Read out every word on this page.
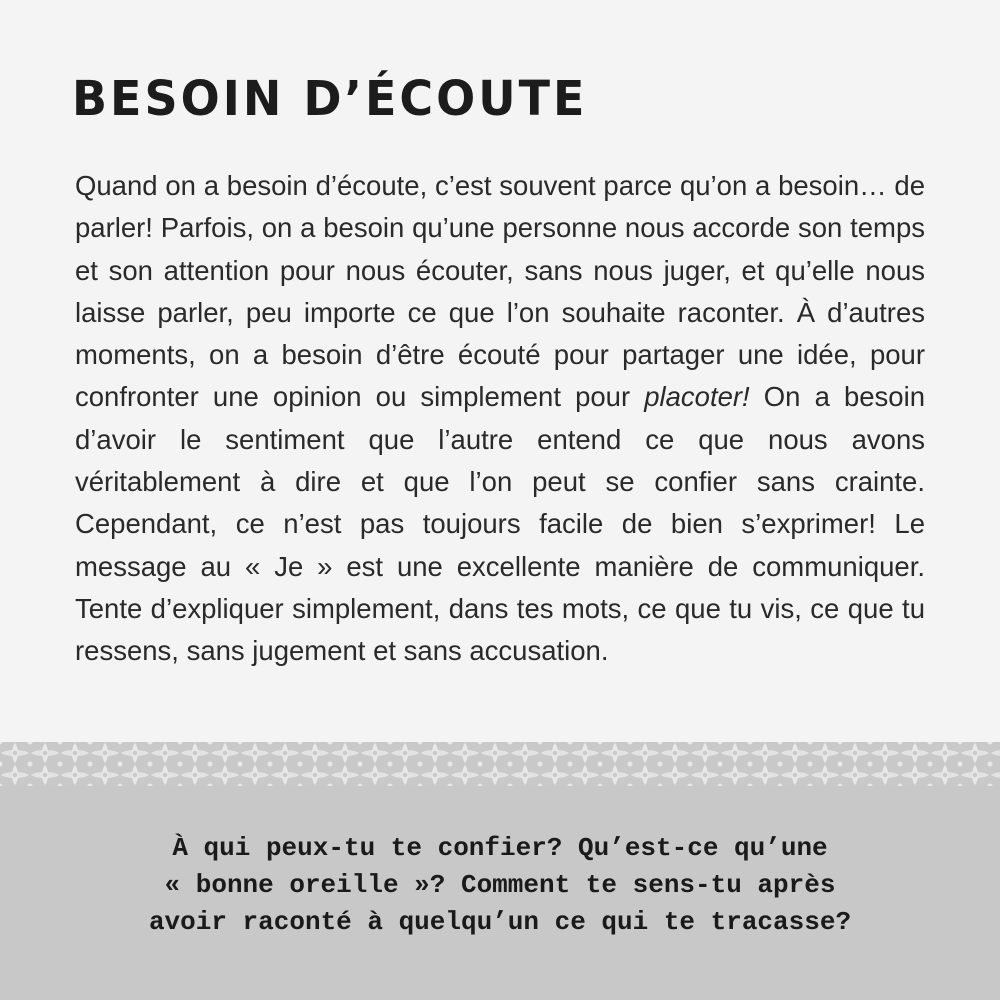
BESOIN D’ÉCOUTE

Quand on a besoin d’écoute, c’est souvent parce qu’on a besoin… de parler! Parfois, on a besoin qu’une personne nous accorde son temps et son attention pour nous écouter, sans nous juger, et qu’elle nous laisse parler, peu importe ce que l’on souhaite raconter. À d’autres moments, on a besoin d’être écouté pour partager une idée, pour confronter une opinion ou simplement pour placoter! On a besoin d’avoir le sentiment que l’autre entend ce que nous avons véritablement à dire et que l’on peut se confier sans crainte. Cependant, ce n’est pas toujours facile de bien s’exprimer! Le message au « Je » est une excellente manière de communiquer. Tente d’expliquer simplement, dans tes mots, ce que tu vis, ce que tu ressens, sans jugement et sans accusation.

À qui peux-tu te confier? Qu’est-ce qu’une
« bonne oreille »? Comment te sens-tu après
avoir raconté à quelqu’un ce qui te tracasse?
